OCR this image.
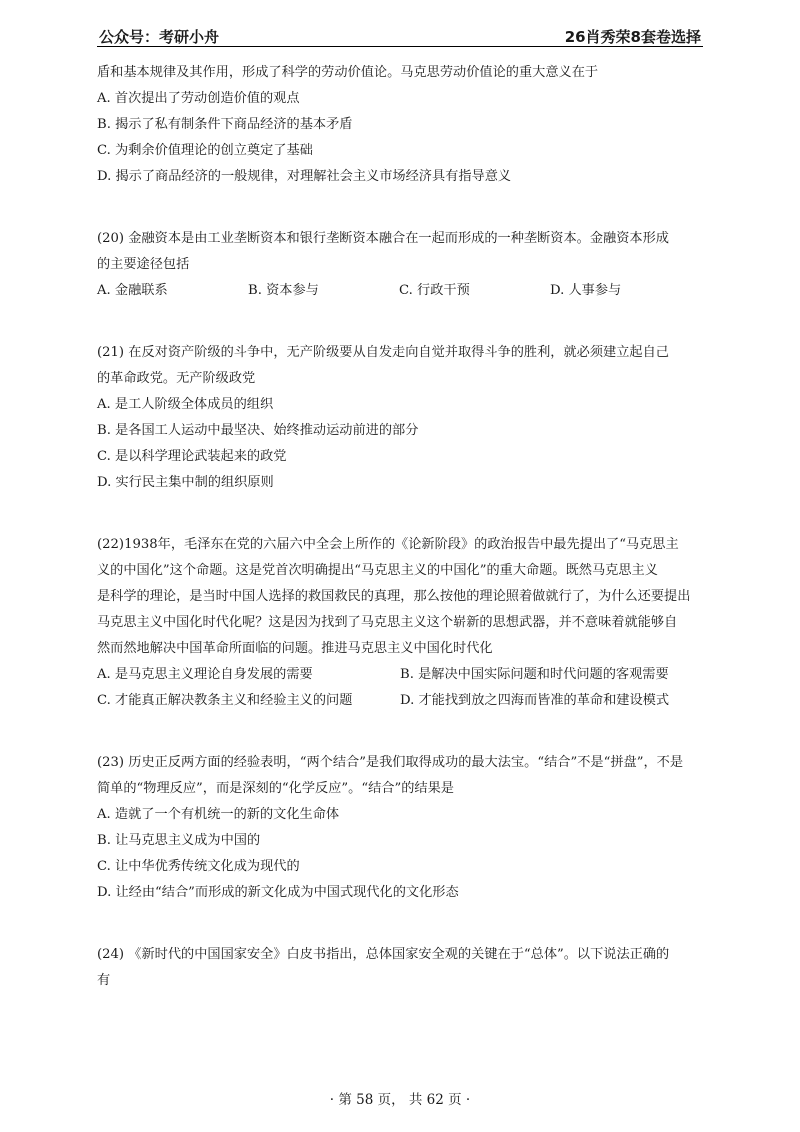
公众号：考研小舟	26肖秀荣8套卷选择

盾和基本规律及其作用，形成了科学的劳动价值论。马克思劳动价值论的重大意义在于

A. 首次提出了劳动创造价值的观点

B. 揭示了私有制条件下商品经济的基本矛盾

C. 为剩余价值理论的创立奠定了基础

D. 揭示了商品经济的一般规律，对理解社会主义市场经济具有指导意义

(20) 金融资本是由工业垄断资本和银行垄断资本融合在一起而形成的一种垄断资本。金融资本形成

的主要途径包括

A. 金融联系	B. 资本参与	C. 行政干预	D. 人事参与

(21) 在反对资产阶级的斗争中，无产阶级要从自发走向自觉并取得斗争的胜利，就必须建立起自己

的革命政党。无产阶级政党

A. 是工人阶级全体成员的组织

B. 是各国工人运动中最坚决、始终推动运动前进的部分

C. 是以科学理论武装起来的政党

D. 实行民主集中制的组织原则

(22)1938年，毛泽东在党的六届六中全会上所作的《论新阶段》的政治报告中最先提出了“马克思主

义的中国化”这个命题。这是党首次明确提出“马克思主义的中国化”的重大命题。既然马克思主义

是科学的理论，是当时中国人选择的救国救民的真理，那么按他的理论照着做就行了，为什么还要提出

马克思主义中国化时代化呢？这是因为找到了马克思主义这个崭新的思想武器，并不意味着就能够自

然而然地解决中国革命所面临的问题。推进马克思主义中国化时代化

A. 是马克思主义理论自身发展的需要	B. 是解决中国实际问题和时代问题的客观需要
C. 才能真正解决教条主义和经验主义的问题	D. 才能找到放之四海而皆准的革命和建设模式

(23) 历史正反两方面的经验表明，“两个结合”是我们取得成功的最大法宝。“结合”不是“拼盘”，不是

简单的“物理反应”，而是深刻的“化学反应”。“结合”的结果是

A. 造就了一个有机统一的新的文化生命体

B. 让马克思主义成为中国的

C. 让中华优秀传统文化成为现代的

D. 让经由“结合”而形成的新文化成为中国式现代化的文化形态

(24) 《新时代的中国国家安全》白皮书指出，总体国家安全观的关键在于“总体”。以下说法正确的

有

· 第 58 页， 共 62 页 ·
